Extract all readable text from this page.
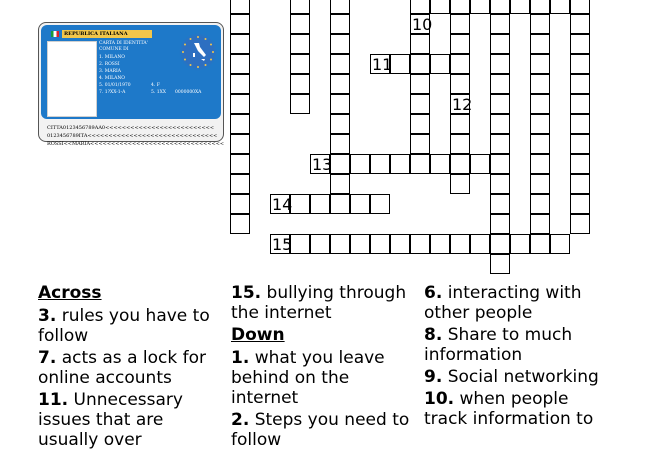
10
11
12
13
14
15
REPUBLICA ITALIANA
CARTA DI IDENTITA'
COMUNE DI
1. MILANO
2. ROSSI
3. MARIA
4. MILANO
5. 01/01/1970
7. 1?XX-1-A
4. F
5. 1XX 0000000XA
CITTA0123456789AA0<<<<<<<<<<<<<<<<<<<<<<<<<<
0123456789ITA<<<<<<<<<<<<<<<<<<<<<<<<<<<<<<<
ROSSI<<MARIA<<<<<<<<<<<<<<<<<<<<<<<<<<<<<<<<

Across

3. rules you have to follow

7. acts as a lock for online accounts

11. Unnecessary issues that are usually over

15. bullying through the internet

Down

1. what you leave behind on the internet

2. Steps you need to follow

6. interacting with other people

8. Share to much information

9. Social networking

10. when people track information to
